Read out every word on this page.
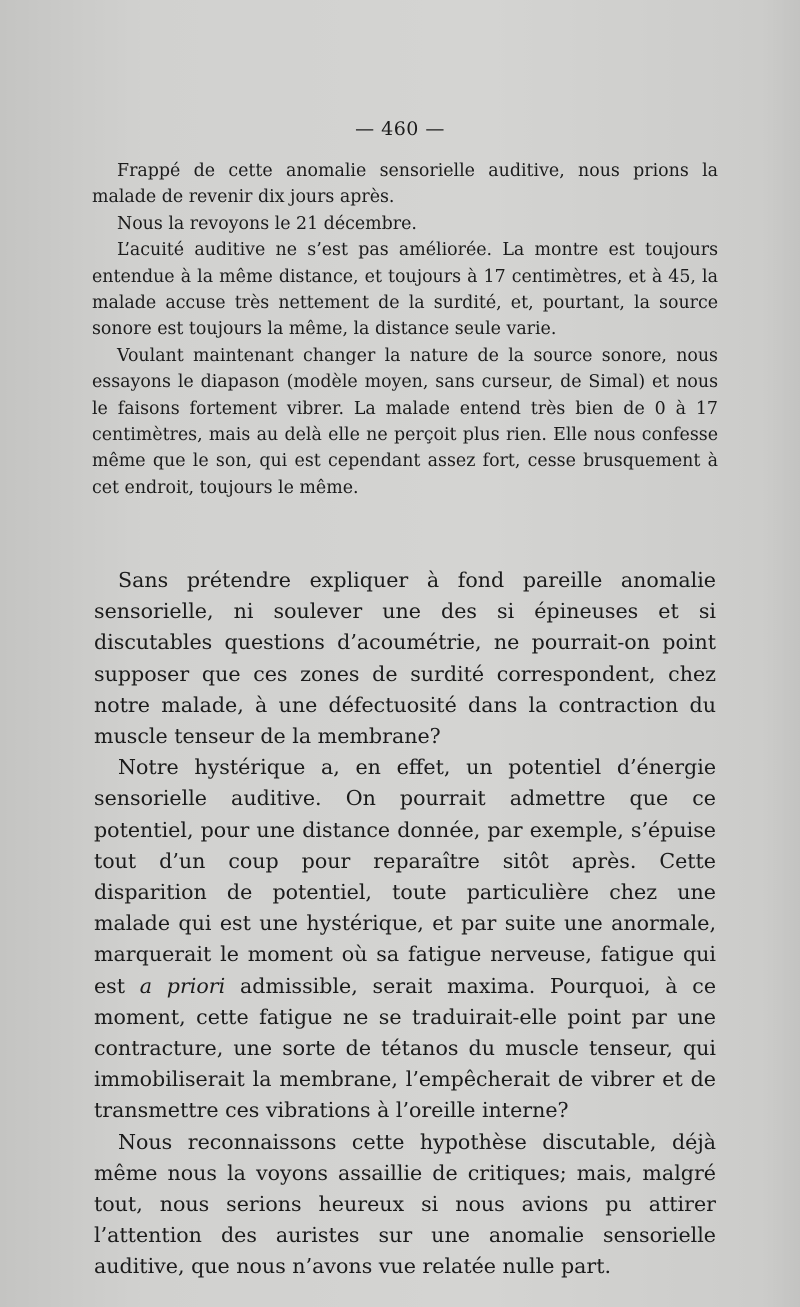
— 460 —

Frappé de cette anomalie sensorielle auditive, nous prions la malade de revenir dix jours après.

Nous la revoyons le 21 décembre.

L’acuité auditive ne s’est pas améliorée. La montre est toujours entendue à la même distance, et toujours à 17 centimètres, et à 45, la malade accuse très nettement de la surdité, et, pourtant, la source sonore est toujours la même, la distance seule varie.

Voulant maintenant changer la nature de la source sonore, nous essayons le diapason (modèle moyen, sans curseur, de Simal) et nous le faisons fortement vibrer. La malade entend très bien de 0 à 17 centimètres, mais au delà elle ne perçoit plus rien. Elle nous confesse même que le son, qui est cependant assez fort, cesse brusquement à cet endroit, toujours le même.

Sans prétendre expliquer à fond pareille anomalie sensorielle, ni soulever une des si épineuses et si discutables questions d’acoumétrie, ne pourrait-on point supposer que ces zones de surdité correspondent, chez notre malade, à une défectuosité dans la contraction du muscle tenseur de la membrane?

Notre hystérique a, en effet, un potentiel d’énergie sensorielle auditive. On pourrait admettre que ce potentiel, pour une distance donnée, par exemple, s’épuise tout d’un coup pour reparaître sitôt après. Cette disparition de potentiel, toute particulière chez une malade qui est une hystérique, et par suite une anormale, marquerait le moment où sa fatigue nerveuse, fatigue qui est a priori admissible, serait maxima. Pourquoi, à ce moment, cette fatigue ne se traduirait-elle point par une contracture, une sorte de tétanos du muscle tenseur, qui immobiliserait la membrane, l’empêcherait de vibrer et de transmettre ces vibrations à l’oreille interne?

Nous reconnaissons cette hypothèse discutable, déjà même nous la voyons assaillie de critiques; mais, malgré tout, nous serions heureux si nous avions pu attirer l’attention des auristes sur une anomalie sensorielle auditive, que nous n’avons vue relatée nulle part.
